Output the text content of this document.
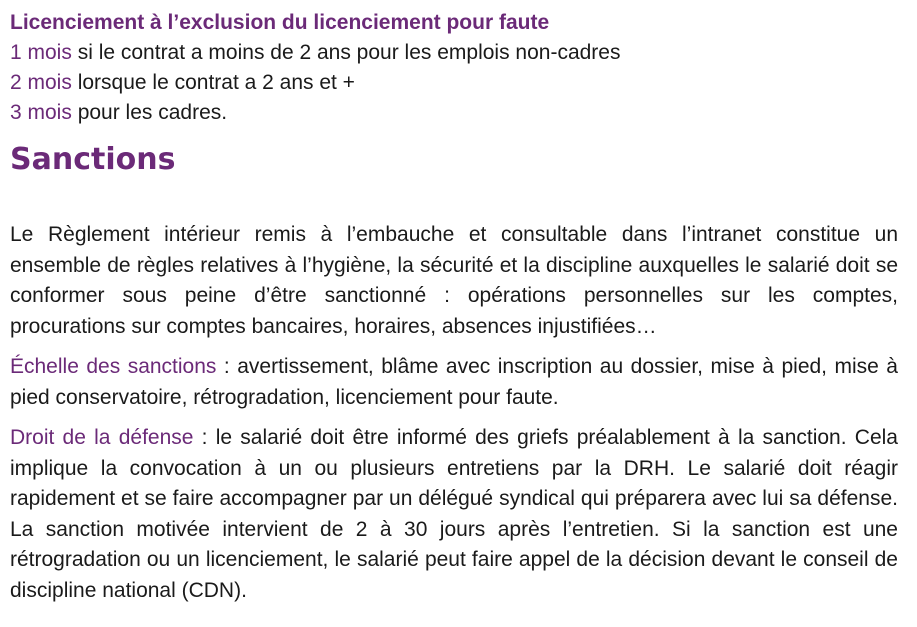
Licenciement à l’exclusion du licenciement pour faute
1 mois si le contrat a moins de 2 ans pour les emplois non-cadres
2 mois lorsque le contrat a 2 ans et +
3 mois pour les cadres.
Sanctions

Le Règlement intérieur remis à l’embauche et consultable dans l’intranet constitue un ensemble de règles relatives à l’hygiène, la sécurité et la discipline auxquelles le salarié doit se conformer sous peine d’être sanctionné : opérations personnelles sur les comptes, procurations sur comptes bancaires, horaires, absences injustifiées…

Échelle des sanctions : avertissement, blâme avec inscription au dossier, mise à pied, mise à pied conservatoire, rétrogradation, licenciement pour faute.

Droit de la défense : le salarié doit être informé des griefs préalablement à la sanction. Cela implique la convocation à un ou plusieurs entretiens par la DRH. Le salarié doit réagir rapidement et se faire accompagner par un délégué syndical qui préparera avec lui sa défense. La sanction motivée intervient de 2 à 30 jours après l’entretien. Si la sanction est une rétrogradation ou un licenciement, le salarié peut faire appel de la décision devant le conseil de discipline national (CDN).
